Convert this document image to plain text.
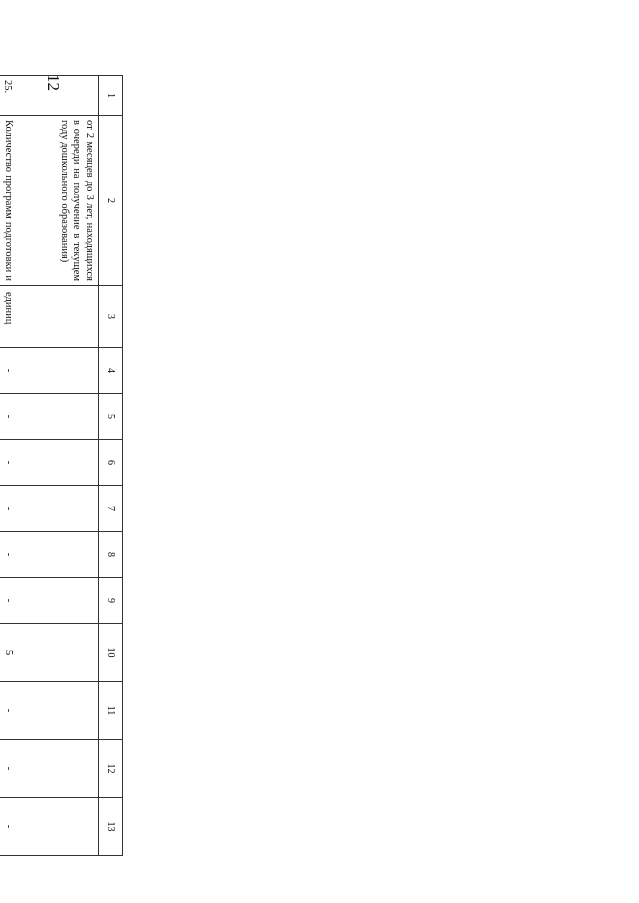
12
1	2	3	4	5	6	7	8	9	10	11	12	13
	от 2 месяцев до 3 лет, находящихся в очереди на получение в текущем году дошкольного образования)											
25.	Количество программ подготовки и	единиц	-	-	-	-	-	-	5	-	-	-
